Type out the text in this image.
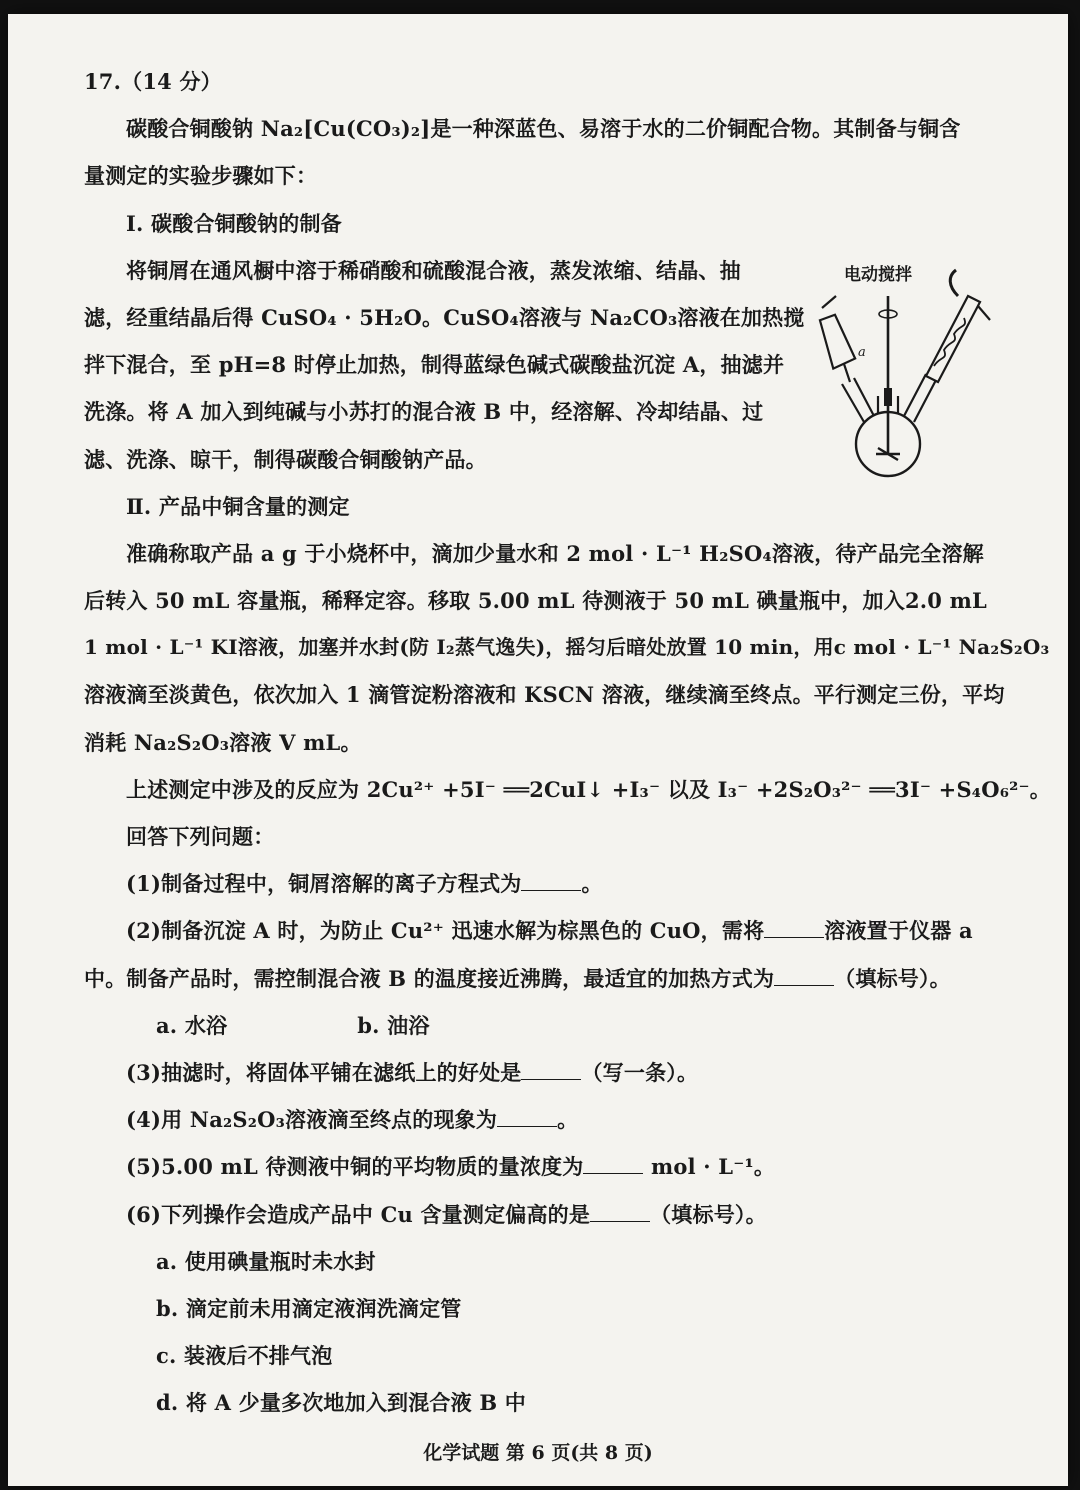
17.（14 分）
碳酸合铜酸钠 Na₂[Cu(CO₃)₂]是一种深蓝色、易溶于水的二价铜配合物。其制备与铜含
量测定的实验步骤如下：
Ⅰ. 碳酸合铜酸钠的制备
将铜屑在通风橱中溶于稀硝酸和硫酸混合液，蒸发浓缩、结晶、抽
滤，经重结晶后得 CuSO₄ · 5H₂O。CuSO₄溶液与 Na₂CO₃溶液在加热搅
拌下混合，至 pH=8 时停止加热，制得蓝绿色碱式碳酸盐沉淀 A，抽滤并
洗涤。将 A 加入到纯碱与小苏打的混合液 B 中，经溶解、冷却结晶、过
滤、洗涤、晾干，制得碳酸合铜酸钠产品。
Ⅱ. 产品中铜含量的测定
准确称取产品 a g 于小烧杯中，滴加少量水和 2 mol · L⁻¹ H₂SO₄溶液，待产品完全溶解
后转入 50 mL 容量瓶，稀释定容。移取 5.00 mL 待测液于 50 mL 碘量瓶中，加入2.0 mL
1 mol · L⁻¹ KI溶液，加塞并水封(防 I₂蒸气逸失)，摇匀后暗处放置 10 min，用c mol · L⁻¹ Na₂S₂O₃
溶液滴至淡黄色，依次加入 1 滴管淀粉溶液和 KSCN 溶液，继续滴至终点。平行测定三份，平均
消耗 Na₂S₂O₃溶液 V mL。
上述测定中涉及的反应为 2Cu²⁺ +5I⁻ ══2CuI↓ +I₃⁻ 以及 I₃⁻ +2S₂O₃²⁻ ══3I⁻ +S₄O₆²⁻。
回答下列问题：
(1)制备过程中，铜屑溶解的离子方程式为	。
(2)制备沉淀 A 时，为防止 Cu²⁺ 迅速水解为棕黑色的 CuO，需将	溶液置于仪器 a
中。制备产品时，需控制混合液 B 的温度接近沸腾，最适宜的加热方式为	（填标号）。
a. 水浴	b. 油浴
(3)抽滤时，将固体平铺在滤纸上的好处是	（写一条）。
(4)用 Na₂S₂O₃溶液滴至终点的现象为	。
(5)5.00 mL 待测液中铜的平均物质的量浓度为	mol · L⁻¹。
(6)下列操作会造成产品中 Cu 含量测定偏高的是	（填标号）。
a. 使用碘量瓶时未水封
b. 滴定前未用滴定液润洗滴定管
c. 装液后不排气泡
d. 将 A 少量多次地加入到混合液 B 中
电动搅拌
a
化学试题 第 6 页(共 8 页)
